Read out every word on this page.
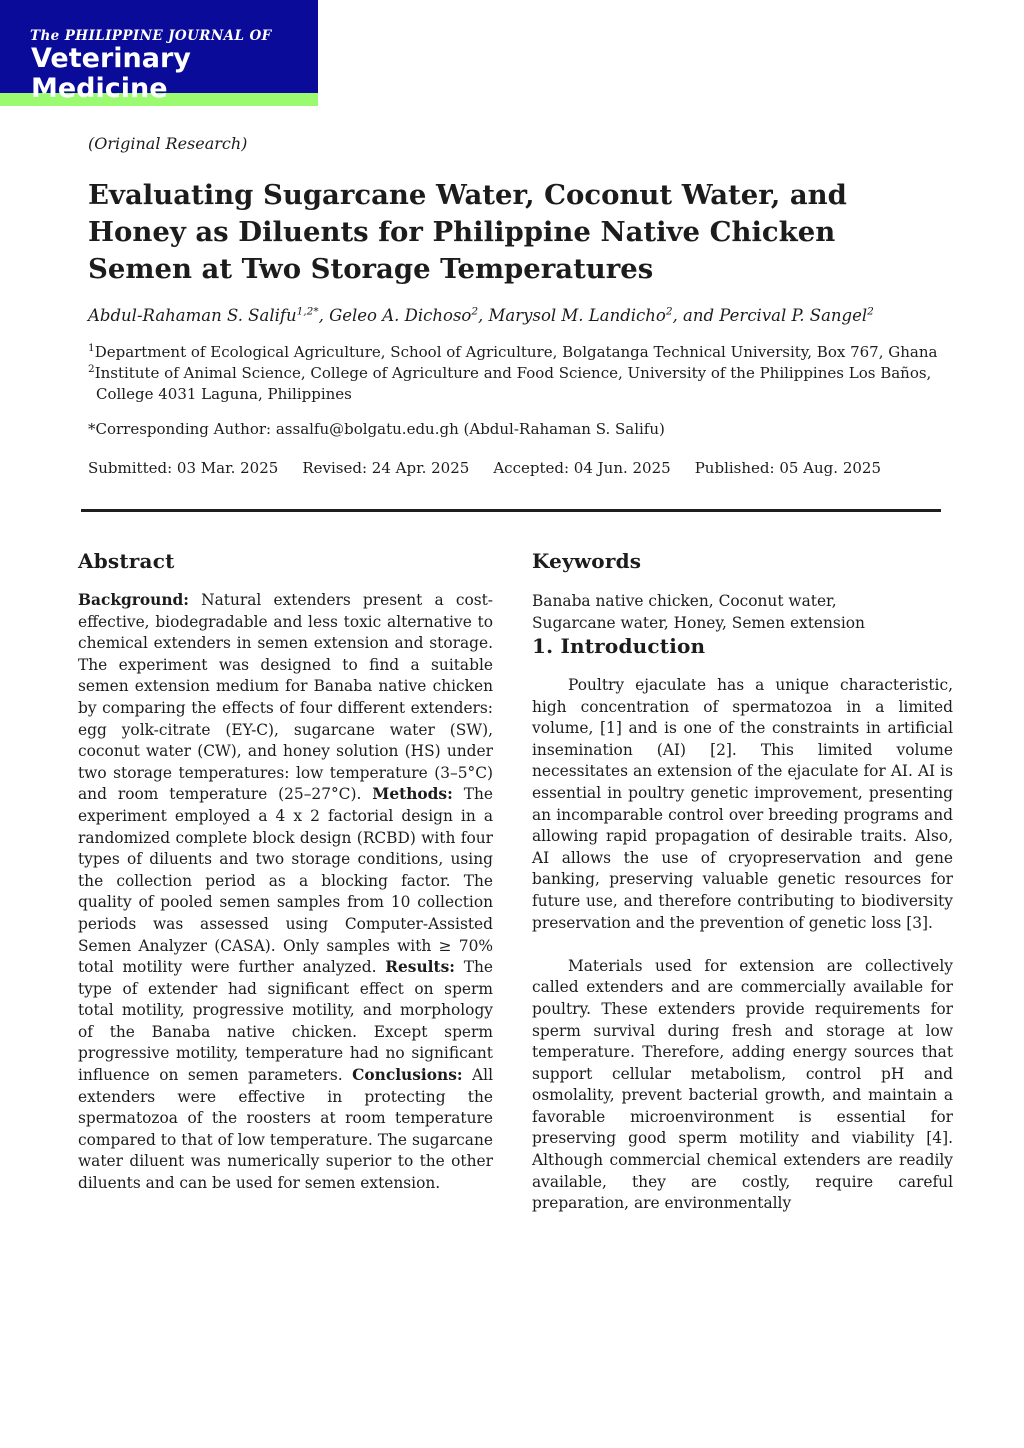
The PHILIPPINE JOURNAL OF
Veterinary Medicine
(Original Research)
Evaluating Sugarcane Water, Coconut Water, and Honey as Diluents for Philippine Native Chicken Semen at Two Storage Temperatures
Abdul-Rahaman S. Salifu$^{1,2*}$, Geleo A. Dichoso$^2$, Marysol M. Landicho$^2$, and Percival P. Sangel$^2$
$^1$Department of Ecological Agriculture, School of Agriculture, Bolgatanga Technical University, Box 767, Ghana
$^2$Institute of Animal Science, College of Agriculture and Food Science, University of the Philippines Los Baños,
College 4031 Laguna, Philippines
*Corresponding Author: assalfu@bolgatu.edu.gh (Abdul-Rahaman S. Salifu)
Submitted: 03 Mar. 2025 Revised: 24 Apr. 2025 Accepted: 04 Jun. 2025 Published: 05 Aug. 2025
Abstract

Background: Natural extenders present a cost-effective, biodegradable and less toxic alternative to chemical extenders in semen extension and storage. The experiment was designed to find a suitable semen extension medium for Banaba native chicken by comparing the effects of four different extenders: egg yolk-citrate (EY-C), sugarcane water (SW), coconut water (CW), and honey solution (HS) under two storage temperatures: low temperature (3–5°C) and room temperature (25–27°C). Methods: The experiment employed a 4 x 2 factorial design in a randomized complete block design (RCBD) with four types of diluents and two storage conditions, using the collection period as a blocking factor. The quality of pooled semen samples from 10 collection periods was assessed using Computer-Assisted Semen Analyzer (CASA). Only samples with ≥ 70% total motility were further analyzed. Results: The type of extender had significant effect on sperm total motility, progressive motility, and morphology of the Banaba native chicken. Except sperm progressive motility, temperature had no significant influence on semen parameters. Conclusions: All extenders were effective in protecting the spermatozoa of the roosters at room temperature compared to that of low temperature. The sugarcane water diluent was numerically superior to the other diluents and can be used for semen extension.

Keywords
Banaba native chicken, Coconut water,
Sugarcane water, Honey, Semen extension
1. Introduction

Poultry ejaculate has a unique characteristic, high concentration of spermatozoa in a limited volume, [1] and is one of the constraints in artificial insemination (AI) [2]. This limited volume necessitates an extension of the ejaculate for AI. AI is essential in poultry genetic improvement, presenting an incomparable control over breeding programs and allowing rapid propagation of desirable traits. Also, AI allows the use of cryopreservation and gene banking, preserving valuable genetic resources for future use, and therefore contributing to biodiversity preservation and the prevention of genetic loss [3].

Materials used for extension are collectively called extenders and are commercially available for poultry. These extenders provide requirements for sperm survival during fresh and storage at low temperature. Therefore, adding energy sources that support cellular metabolism, control pH and osmolality, prevent bacterial growth, and maintain a favorable microenvironment is essential for preserving good sperm motility and viability [4]. Although commercial chemical extenders are readily available, they are costly, require careful preparation, are environmentally
